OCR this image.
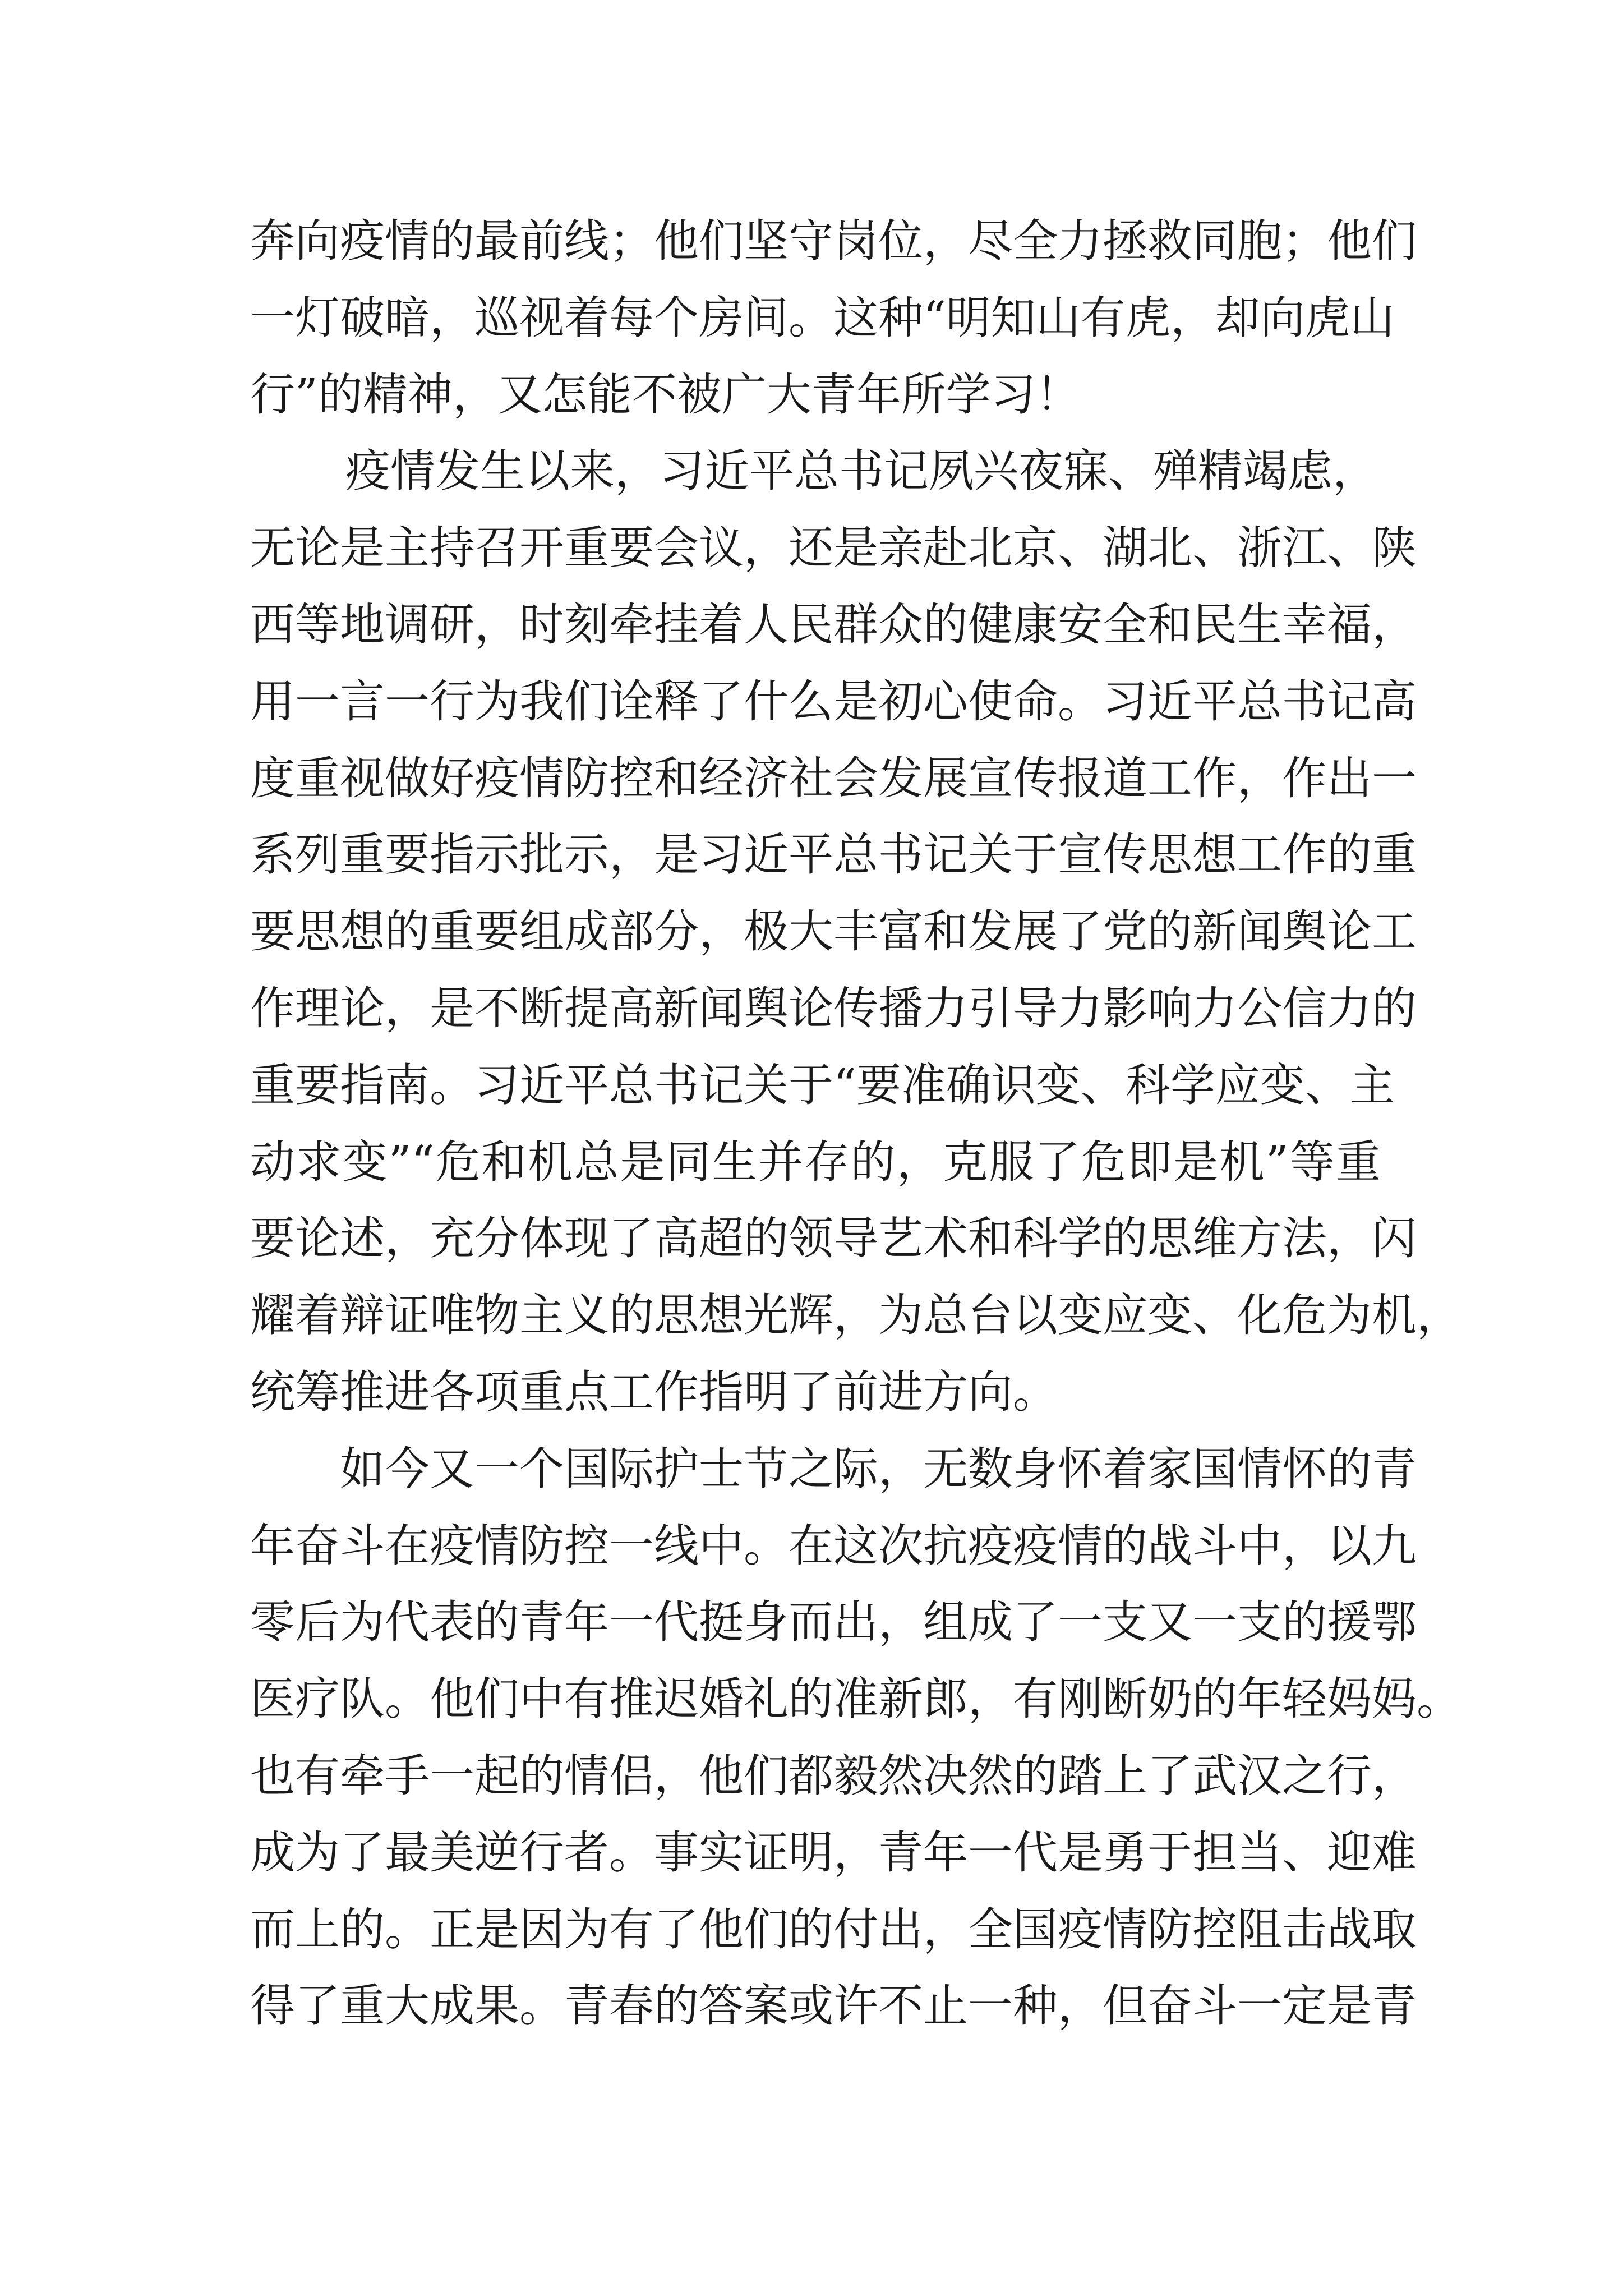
奔向疫情的最前线；他们坚守岗位，尽全力拯救同胞；他们
一灯破暗，巡视着每个房间。这种“明知山有虎，却向虎山
行”的精神，又怎能不被广大青年所学习！

疫情发生以来，习近平总书记夙兴夜寐、殚精竭虑，
无论是主持召开重要会议，还是亲赴北京、湖北、浙江、陕
西等地调研，时刻牵挂着人民群众的健康安全和民生幸福，
用一言一行为我们诠释了什么是初心使命。习近平总书记高
度重视做好疫情防控和经济社会发展宣传报道工作，作出一
系列重要指示批示，是习近平总书记关于宣传思想工作的重
要思想的重要组成部分，极大丰富和发展了党的新闻舆论工
作理论，是不断提高新闻舆论传播力引导力影响力公信力的
重要指南。习近平总书记关于“要准确识变、科学应变、主
动求变”“危和机总是同生并存的，克服了危即是机”等重
要论述，充分体现了高超的领导艺术和科学的思维方法，闪
耀着辩证唯物主义的思想光辉，为总台以变应变、化危为机，
统筹推进各项重点工作指明了前进方向。

如今又一个国际护士节之际，无数身怀着家国情怀的青
年奋斗在疫情防控一线中。在这次抗疫疫情的战斗中，以九
零后为代表的青年一代挺身而出，组成了一支又一支的援鄂
医疗队。他们中有推迟婚礼的准新郎，有刚断奶的年轻妈妈。
也有牵手一起的情侣，他们都毅然决然的踏上了武汉之行，
成为了最美逆行者。事实证明，青年一代是勇于担当、迎难
而上的。正是因为有了他们的付出，全国疫情防控阻击战取
得了重大成果。青春的答案或许不止一种，但奋斗一定是青
